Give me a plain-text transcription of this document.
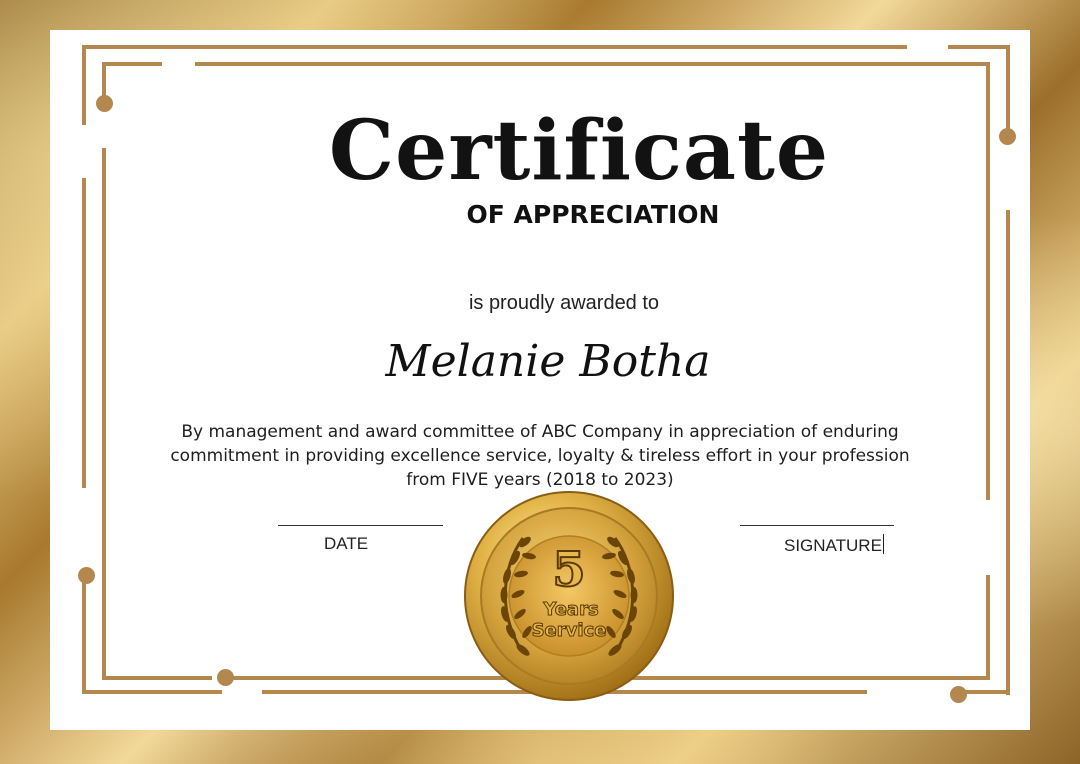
Certificate
OF APPRECIATION
is proudly awarded to
Melanie Botha
By management and award committee of ABC Company in appreciation of enduring
commitment in providing excellence service, loyalty & tireless effort in your profession
from FIVE years (2018 to 2023)
DATE	SIGNATURE
5
Years
Service
